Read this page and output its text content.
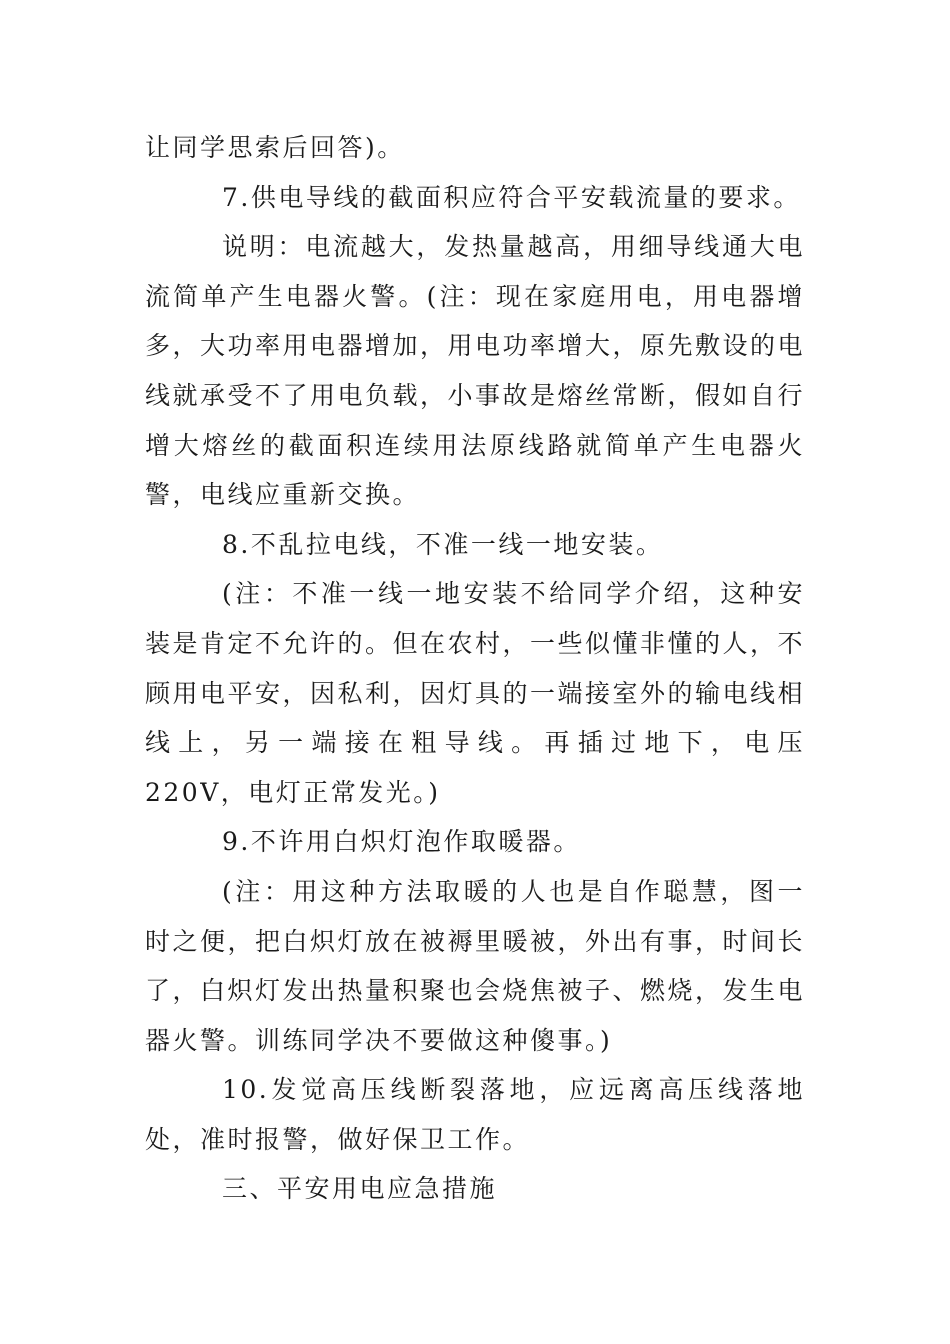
让同学思索后回答)。

7.供电导线的截面积应符合平安载流量的要求。

说明：电流越大，发热量越高，用细导线通大电流简单产生电器火警。(注：现在家庭用电，用电器增多，大功率用电器增加，用电功率增大，原先敷设的电线就承受不了用电负载，小事故是熔丝常断，假如自行增大熔丝的截面积连续用法原线路就简单产生电器火警，电线应重新交换。

8.不乱拉电线，不准一线一地安装。

(注：不准一线一地安装不给同学介绍，这种安装是肯定不允许的。但在农村，一些似懂非懂的人，不顾用电平安，因私利，因灯具的一端接室外的输电线相线上，另一端接在粗导线。再插过地下，电压 220V，电灯正常发光。)

9.不许用白炽灯泡作取暖器。

(注：用这种方法取暖的人也是自作聪慧，图一时之便，把白炽灯放在被褥里暖被，外出有事，时间长了，白炽灯发出热量积聚也会烧焦被子、燃烧，发生电器火警。训练同学决不要做这种傻事。)

10.发觉高压线断裂落地，应远离高压线落地处，准时报警，做好保卫工作。

三、平安用电应急措施
